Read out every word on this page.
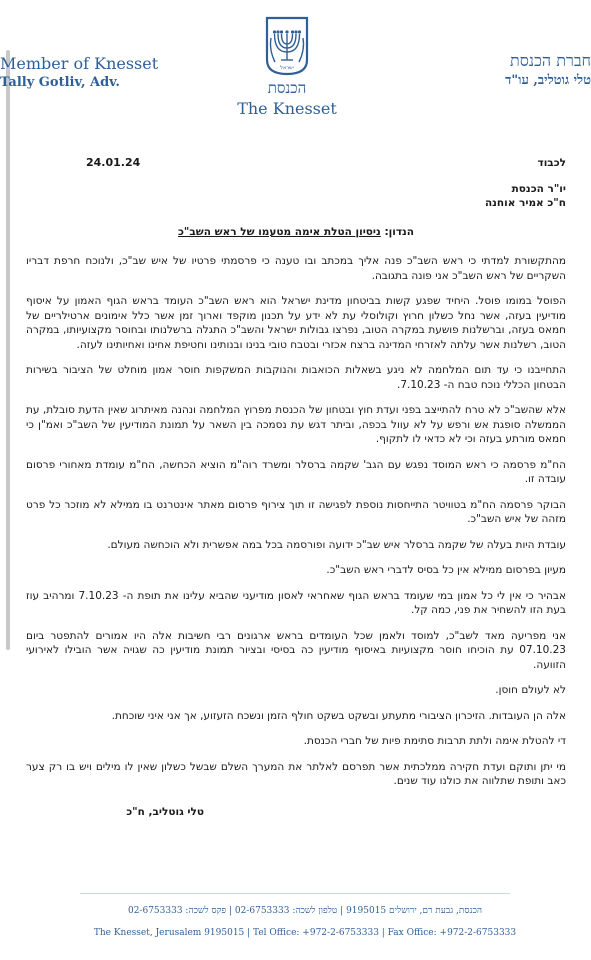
Member of Knesset
Tally Gotliv, Adv.
חברת הכנסת
טלי גוטליב, עו"ד
ישראל
הכנסת
The Knesset
24.01.24	לכבוד
יו"ר הכנסת
ח"כ אמיר אוחנה
הנדון: ניסיון הטלת אימה מטעמו של ראש השב"כ

מהתקשורת למדתי כי ראש השב"כ פנה אליך במכתב ובו טענה כי פרסמתי פרטיו של איש שב"כ, ולנוכח חרפת דבריו השקריים של ראש השב"כ אני פונה בתגובה.

הפוסל במומו פוסל. היחיד שפגע קשות בביטחון מדינת ישראל הוא ראש השב"כ העומד בראש הגוף האמון על איסוף מודיעין בעזה, אשר נחל כשלון חרוץ וקולוסלי עת לא ידע על תכנון מוקפד וארוך זמן אשר כלל אימונים ארטילריים של חמאס בעזה, וברשלנות פושעת במקרה הטוב, נפרצו גבולות ישראל והשב"כ התגלה ברשלנותו ובחוסר מקצועיותו, במקרה הטוב, רשלנות אשר עלתה לאזרחי המדינה ברצח אכזרי ובטבח טובי בנינו ובנותינו וחטיפת אחינו ואחיותינו לעזה.

התחייבנו כי עד תום המלחמה לא ניגע בשאלות הכואבות והנוקבות המשקפות חוסר אמון מוחלט של הציבור בשירות הבטחון הכללי נוכח טבח ה- 7.10.23.

אלא שהשב"כ לא טרח להתייצב בפני ועדת חוץ ובטחון של הכנסת מפרוץ המלחמה ונהנה מאיתרוג שאין הדעת סובלת, עת הממשלה סופגת אש ורפש על לא עוול בכפה, וביתר דגש עת נסמכה בין השאר על תמונת המודיעין של השב"כ ואמ"ן כי חמאס מורתע בעזה וכי לא כדאי לו לתקוף.

הח"מ פרסמה כי ראש המוסד נפגש עם הגב' שקמה ברסלר ומשרד רוה"מ הוציא הכחשה, הח"מ עומדת מאחורי פרסום עובדה זו.

הבוקר פרסמה הח"מ בטוויטר התייחסות נוספת לפגישה זו תוך צירוף פרסום מאתר אינטרנט בו ממילא לא מוזכר כל פרט מזהה של איש השב"כ.

עובדת היות בעלה של שקמה ברסלר איש שב"כ ידועה ופורסמה בכל במה אפשרית ולא הוכחשה מעולם.

מעיון בפרסום ממילא אין כל בסיס לדברי ראש השב"כ.

אבהיר כי אין לי כל אמון במי שעומד בראש הגוף שאחראי לאסון מודיעני שהביא עלינו את תופת ה- 7.10.23 ומרהיב עוז בעת הזו להשחיר את פני, כמה קל.

אני מפריעה מאד לשב"כ, למוסד ולאמן שכל העומדים בראש ארגונים רבי חשיבות אלה היו אמורים להתפטר ביום 07.10.23 עת הוכיחו חוסר מקצועיות באיסוף מודיעין כה בסיסי ובציור תמונת מודיעין כה שגויה אשר הובילו לאירועי הזוועה.

לא לעולם חוסן.

אלה הן העובדות. הזיכרון הציבורי מתעתע ובשקט בשקט חולף הזמן ונשכח הזעזוע, אך אני איני שוכחת.

די להטלת אימה ולתת תרבות סתימת פיות של חברי הכנסת.

מי יתן ותוקם ועדת חקירה ממלכתית אשר תפרסם לאלתר את המערך השלם שבשל כשלון שאין לו מילים ויש בו רק צער כאב ותופת שתלווה את כולנו עוד שנים.

טלי גוטליב, ח"כ
הכנסת, גבעת רם, ירושלים 9195015 | טלפון לשכה: 02-6753333 | פקס לשכה: 02-6753333
The Knesset, Jerusalem 9195015 | Tel Office: +972-2-6753333 | Fax Office: +972-2-6753333
